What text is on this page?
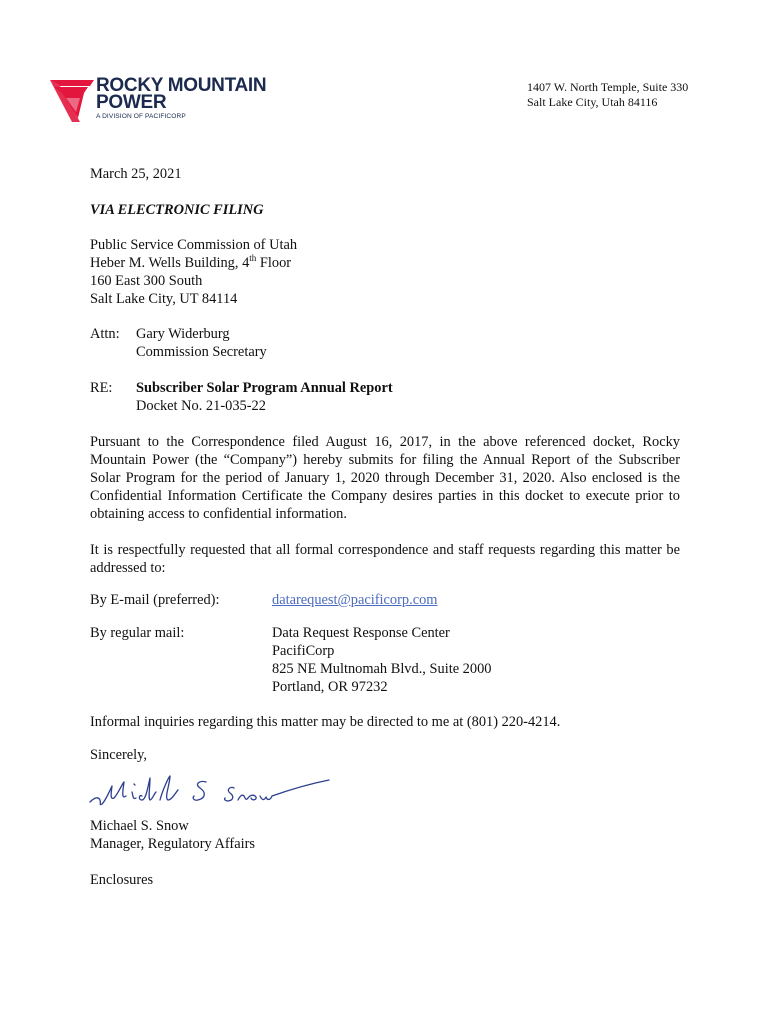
ROCKY MOUNTAIN
POWER
A DIVISION OF PACIFICORP
1407 W. North Temple, Suite 330
Salt Lake City, Utah 84116
March 25, 2021
VIA ELECTRONIC FILING
Public Service Commission of Utah
Heber M. Wells Building, 4th Floor
160 East 300 South
Salt Lake City, UT 84114
Attn:	Gary Widerburg
Commission Secretary
RE:	Subscriber Solar Program Annual Report
Docket No. 21-035-22
Pursuant to the Correspondence filed August 16, 2017, in the above referenced docket, Rocky Mountain Power (the “Company”) hereby submits for filing the Annual Report of the Subscriber Solar Program for the period of January 1, 2020 through December 31, 2020. Also enclosed is the Confidential Information Certificate the Company desires parties in this docket to execute prior to obtaining access to confidential information.
It is respectfully requested that all formal correspondence and staff requests regarding this matter be addressed to:
By E-mail (preferred):	datarequest@pacificorp.com
By regular mail:	Data Request Response Center
PacifiCorp
825 NE Multnomah Blvd., Suite 2000
Portland, OR 97232
Informal inquiries regarding this matter may be directed to me at (801) 220-4214.
Sincerely,
Michael S. Snow
Manager, Regulatory Affairs
Enclosures
